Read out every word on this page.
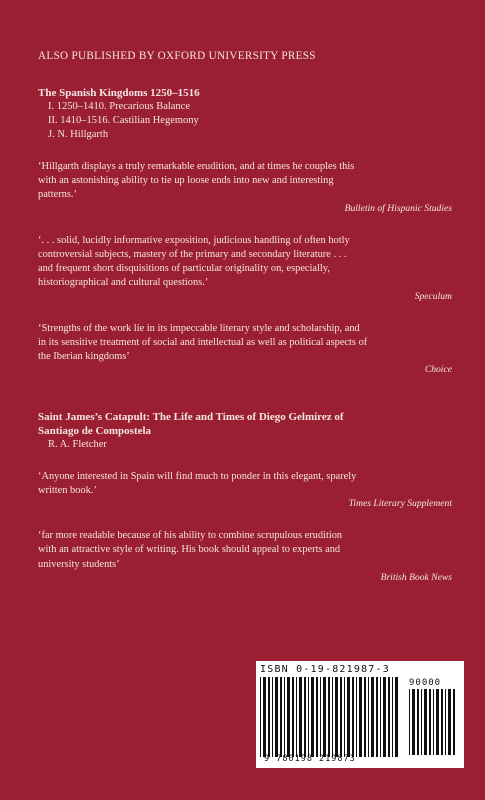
ALSO PUBLISHED BY OXFORD UNIVERSITY PRESS
The Spanish Kingdoms 1250–1516
I. 1250–1410. Precarious Balance
II. 1410–1516. Castilian Hegemony
J. N. Hillgarth
‘Hillgarth displays a truly remarkable erudition, and at times he couples this
with an astonishing ability to tie up loose ends into new and interesting
patterns.’
Bulletin of Hispanic Studies
‘. . . solid, lucidly informative exposition, judicious handling of often hotly
controversial subjects, mastery of the primary and secondary literature . . .
and frequent short disquisitions of particular originality on, especially,
historiographical and cultural questions.’
Speculum
‘Strengths of the work lie in its impeccable literary style and scholarship, and
in its sensitive treatment of social and intellectual as well as political aspects of
the Iberian kingdoms’
Choice
Saint James’s Catapult: The Life and Times of Diego Gelmírez of
Santiago de Compostela
R. A. Fletcher
‘Anyone interested in Spain will find much to ponder in this elegant, sparely
written book.’
Times Literary Supplement
‘far more readable because of his ability to combine scrupulous erudition
with an attractive style of writing. His book should appeal to experts and
university students’
British Book News
ISBN 0-19-821987-3
90000
9 780198 219873
